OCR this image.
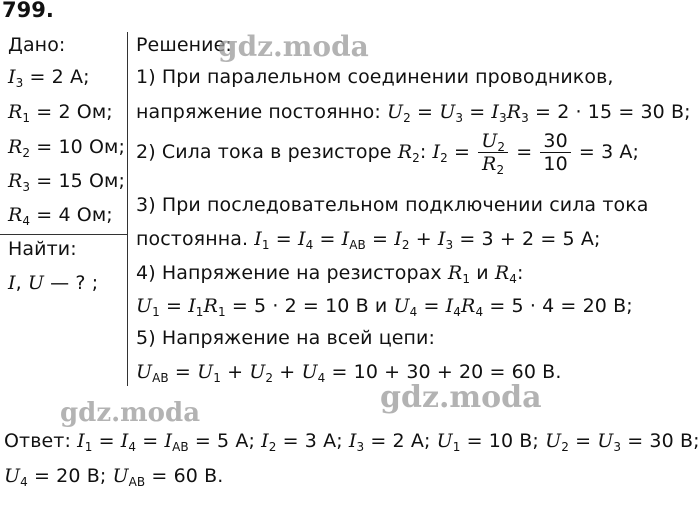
799.
Дано:
$I_3 = 2$ А;
$R_1 = 2$ Ом;
$R_2 = 10$ Ом;
$R_3 = 15$ Ом;
$R_4 = 4$ Ом;
Найти:
I, U — ? ;
Решение:
1) При паралельном соединении проводников,
напряжение постоянно: $U_2 = U_3 = I_3R_3 = 2 \cdot 15 = 30$ В;
2) Сила тока в резисторе $R_2$: $I_2 = \frac{U_2}{R_2} = \frac{30}{10} = 3$ А;
3) При последовательном подключении сила тока
постоянна. $I_1 = I_4 = I_{AB} = I_2 + I_3 = 3 + 2 = 5$ А;
4) Напряжение на резисторах $R_1$ и $R_4$:
$U_1 = I_1R_1 = 5 \cdot 2 = 10$ В и $U_4 = I_4R_4 = 5 \cdot 4 = 20$ В;
5) Напряжение на всей цепи:
$U_{AB} = U_1 + U_2 + U_4 = 10 + 30 + 20 = 60$ В.
Ответ: $I_1 = I_4 = I_{AB} = 5$ А; $I_2 = 3$ А; $I_3 = 2$ А; $U_1 = 10$ В; $U_2 = U_3 = 30$ В;
$U_4 = 20$ В; $U_{AB} = 60$ В.
gdz.moda
gdz.moda	gdz.moda
